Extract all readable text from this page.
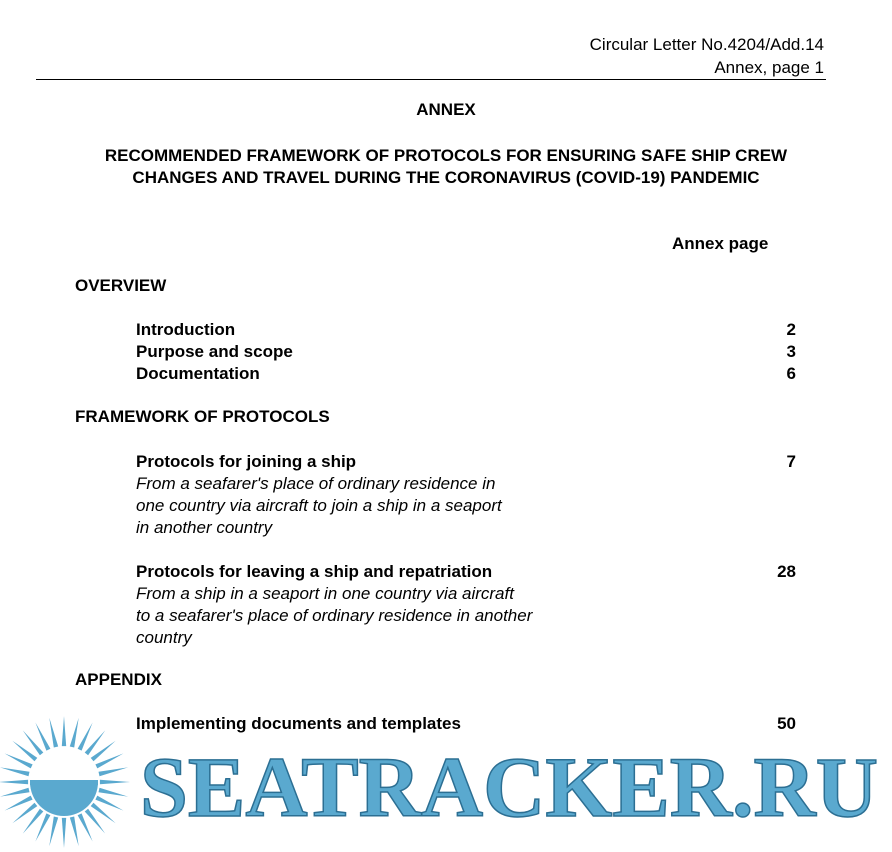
Circular Letter No.4204/Add.14
Annex, page 1
ANNEX
RECOMMENDED FRAMEWORK OF PROTOCOLS FOR ENSURING SAFE SHIP CREW
CHANGES AND TRAVEL DURING THE CORONAVIRUS (COVID-19) PANDEMIC
Annex page
OVERVIEW
Introduction	2
Purpose and scope	3
Documentation	6
FRAMEWORK OF PROTOCOLS
Protocols for joining a ship	7
From a seafarer's place of ordinary residence in
one country via aircraft to join a ship in a seaport
in another country
Protocols for leaving a ship and repatriation	28
From a ship in a seaport in one country via aircraft
to a seafarer's place of ordinary residence in another
country
APPENDIX
Implementing documents and templates	50
SEATRACKER.RU
